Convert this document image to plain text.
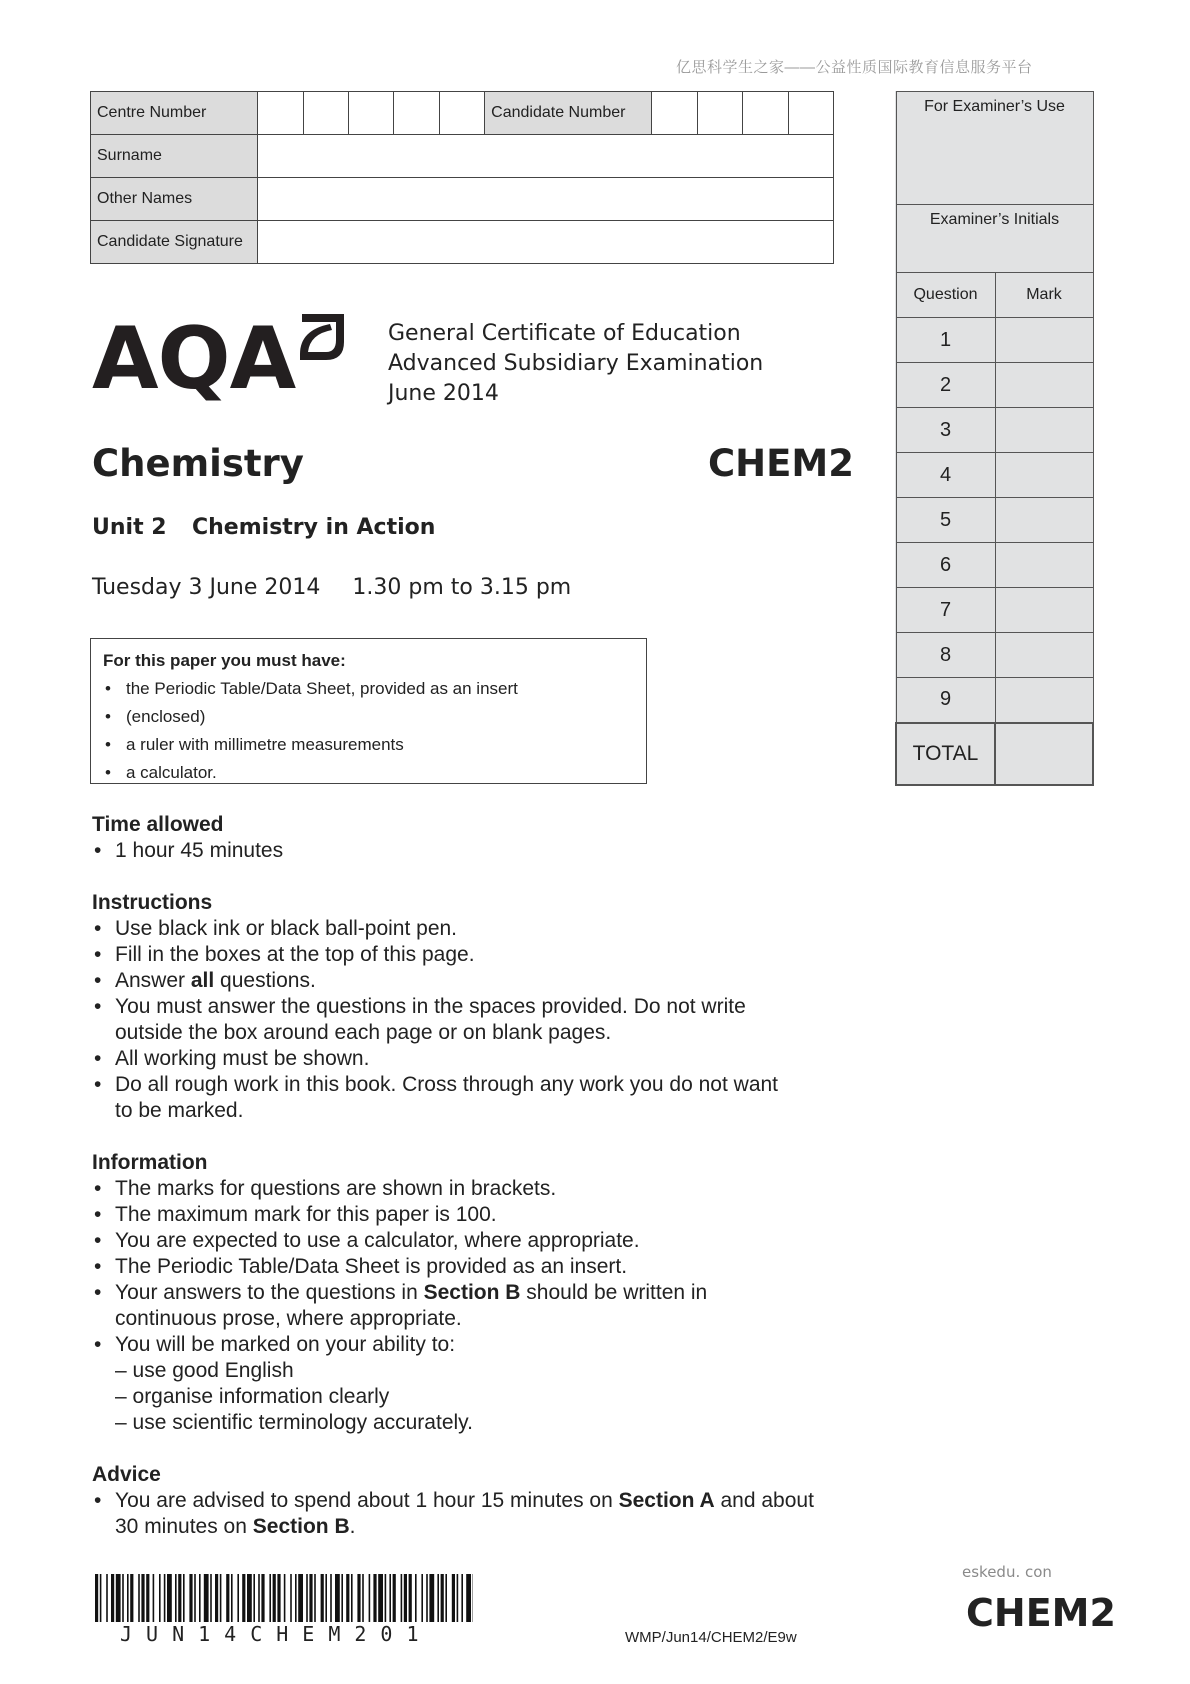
亿思科学生之家——公益性质国际教育信息服务平台
Centre Number						Candidate Number				
Surname										
Other Names										
Candidate Signature										
For Examiner’s Use	
Examiner’s Initials	
Question	Mark
1	
2	
3	
4	
5	
6	
7	
8	
9	
TOTAL	
AQA	General Certificate of Education
Advanced Subsidiary Examination
June 2014
Chemistry	CHEM2
Unit 2 Chemistry in Action
Tuesday 3 June 2014 1.30 pm to 3.15 pm
For this paper you must have:
• the Periodic Table/Data Sheet, provided as an insert
• (enclosed)
• a ruler with millimetre measurements
• a calculator.
Time allowed
• 1 hour 45 minutes
Instructions
• Use black ink or black ball-point pen.
• Fill in the boxes at the top of this page.
• Answer all questions.
• You must answer the questions in the spaces provided. Do not write outside the box around each page or on blank pages.
• All working must be shown.
• Do all rough work in this book. Cross through any work you do not want to be marked.
Information
• The marks for questions are shown in brackets.
• The maximum mark for this paper is 100.
• You are expected to use a calculator, where appropriate.
• The Periodic Table/Data Sheet is provided as an insert.
• Your answers to the questions in Section B should be written in continuous prose, where appropriate.
• You will be marked on your ability to:
– use good English
– organise information clearly
– use scientific terminology accurately.
Advice
• You are advised to spend about 1 hour 15 minutes on Section A and about 30 minutes on Section B.
JUN14CHEM201	WMP/Jun14/CHEM2/E9w
eskedu. con
CHEM2
